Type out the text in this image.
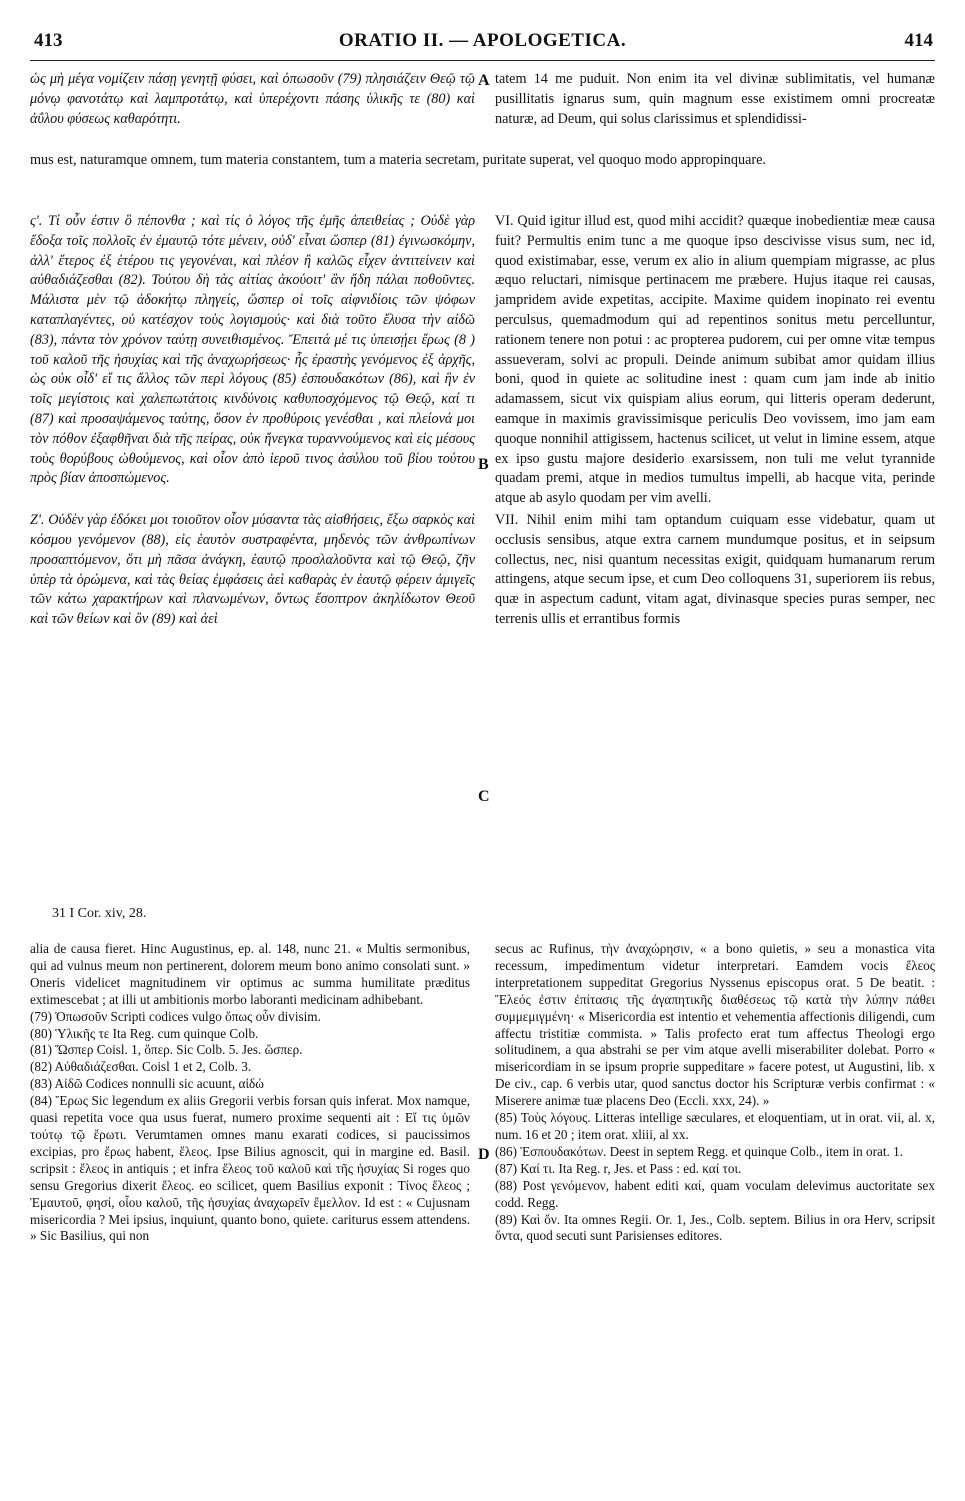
413	ORATIO II. — APOLOGETICA.	414

ὡς μὴ μέγα νομίζειν πάσῃ γενητῇ φύσει, καὶ ὁπωσοῦν (79) πλησιάζειν Θεῷ τῷ μόνῳ φανοτάτῳ καὶ λαμπροτάτῳ, καὶ ὑπερέχοντι πάσης ὑλικῆς τε (80) καὶ ἀΰλου φύσεως καθαρότητι.

tatem 14 me puduit. Non enim ita vel divinæ sublimitatis, vel humanæ pusillitatis ignarus sum, quin magnum esse existimem omni procreatæ naturæ, ad Deum, qui solus clarissimus et splendidissi-

mus est, naturamque omnem, tum materia constantem, tum a materia secretam, puritate superat, vel quoquo modo appropinquare.

ς'. Τί οὖν ἐστιν ὃ πέπονθα ; καὶ τίς ὁ λόγος τῆς ἐμῆς ἀπειθείας ; Οὐδὲ γὰρ ἔδοξα τοῖς πολλοῖς ἐν ἐμαυτῷ τότε μένειν, οὐδ' εἶναι ὥσπερ (81) ἐγινωσκόμην, ἀλλ' ἕτερος ἐξ ἑτέρου τις γεγονέναι, καὶ πλέον ἢ καλῶς εἶχεν ἀντιτείνειν καὶ αὐθαδιάζεσθαι (82). Τούτου δὴ τὰς αἰτίας ἀκούοιτ' ἂν ἤδη πάλαι ποθοῦντες. Μάλιστα μὲν τῷ ἀδοκήτῳ πληγείς, ὥσπερ οἱ τοῖς αἰφνιδίοις τῶν ψόφων καταπλαγέντες, οὐ κατέσχον τοὺς λογισμούς· καὶ διὰ τοῦτο ἔλυσα τὴν αἰδῶ (83), πάντα τὸν χρόνον ταύτῃ συνειθισμένος. Ἔπειτά μέ τις ὑπεισῄει ἔρως (8 ) τοῦ καλοῦ τῆς ἡσυχίας καὶ τῆς ἀναχωρήσεως· ἧς ἐραστὴς γενόμενος ἐξ ἀρχῆς, ὡς οὐκ οἶδ' εἴ τις ἄλλος τῶν περὶ λόγους (85) ἐσπουδακότων (86), καὶ ἣν ἐν τοῖς μεγίστοις καὶ χαλεπωτάτοις κινδύνοις καθυποσχόμενος τῷ Θεῷ, καί τι (87) καὶ προσαψάμενος ταύτης, ὅσον ἐν προθύροις γενέσθαι , καὶ πλείονά μοι τὸν πόθον ἐξαφθῆναι διὰ τῆς πείρας, οὐκ ἤνεγκα τυραννούμενος καὶ εἰς μέσους τοὺς θορύβους ὠθούμενος, καὶ οἷον ἀπὸ ἱεροῦ τινος ἀσύλου τοῦ βίου τούτου πρὸς βίαν ἀποσπώμενος.

Ζ'. Οὐδὲν γὰρ ἐδόκει μοι τοιοῦτον οἷον μύσαντα τὰς αἰσθήσεις, ἔξω σαρκὸς καὶ κόσμου γενόμενον (88), εἰς ἑαυτὸν συστραφέντα, μηδενὸς τῶν ἀνθρωπίνων προσαπτόμενον, ὅτι μὴ πᾶσα ἀνάγκη, ἑαυτῷ προσλαλοῦντα καὶ τῷ Θεῷ, ζῆν ὑπὲρ τὰ ὁρώμενα, καὶ τὰς θείας ἐμφάσεις ἀεὶ καθαρὰς ἐν ἑαυτῷ φέρειν ἀμιγεῖς τῶν κάτω χαρακτήρων καὶ πλανωμένων, ὄντως ἔσοπτρον ἀκηλίδωτον Θεοῦ καὶ τῶν θείων καὶ ὂν (89) καὶ ἀεὶ

VI. Quid igitur illud est, quod mihi accidit? quæque inobedientiæ meæ causa fuit? Permultis enim tunc a me quoque ipso descivisse visus sum, nec id, quod existimabar, esse, verum ex alio in alium quempiam migrasse, ac plus æquo reluctari, nimisque pertinacem me præbere. Hujus itaque rei causas, jampridem avide expetitas, accipite. Maxime quidem inopinato rei eventu perculsus, quemadmodum qui ad repentinos sonitus metu percelluntur, rationem tenere non potui : ac propterea pudorem, cui per omne vitæ tempus assueveram, solvi ac propuli. Deinde animum subibat amor quidam illius boni, quod in quiete ac solitudine inest : quam cum jam inde ab initio adamassem, sicut vix quispiam alius eorum, qui litteris operam dederunt, eamque in maximis gravissimisque periculis Deo vovissem, imo jam eam quoque nonnihil attigissem, hactenus scilicet, ut velut in limine essem, atque ex ipso gustu majore desiderio exarsissem, non tuli me velut tyrannide quadam premi, atque in medios tumultus impelli, ab hacque vita, perinde atque ab asylo quodam per vim avelli.

VII. Nihil enim mihi tam optandum cuiquam esse videbatur, quam ut occlusis sensibus, atque extra carnem mundumque positus, et in seipsum collectus, nec, nisi quantum necessitas exigit, quidquam humanarum rerum attingens, atque secum ipse, et cum Deo colloquens 31, superiorem iis rebus, quæ in aspectum cadunt, vitam agat, divinasque species puras semper, nec terrenis ullis et errantibus formis

A
B
C
D
31 I Cor. xiv, 28.

alia de causa fieret. Hinc Augustinus, ep. al. 148, nunc 21. « Multis sermonibus, qui ad vulnus meum non pertinerent, dolorem meum bono animo consolati sunt. » Oneris videlicet magnitudinem vir optimus ac summa humilitate præditus extimescebat ; at illi ut ambitionis morbo laboranti medicinam adhibebant.

(79) Ὁπωσοῦν Scripti codices vulgo ὅπως οὖν divisim.

(80) Ὑλικῆς τε Ita Reg. cum quinque Colb.

(81) Ὥσπερ Coisl. 1, ὅπερ. Sic Colb. 5. Jes. ὥσπερ.

(82) Αὐθαδιάζεσθαι. Coisl 1 et 2, Colb. 3.

(83) Αἰδῶ Codices nonnulli sic acuunt, αἰδώ

(84) Ἔρως Sic legendum ex aliis Gregorii verbis forsan quis inferat. Mox namque, quasi repetita voce qua usus fuerat, numero proxime sequenti ait : Εἴ τις ὑμῶν τούτῳ τῷ ἔρωτι. Verumtamen omnes manu exarati codices, si paucissimos excipias, pro ἔρως habent, ἔλεος. Ipse Bilius agnoscit, qui in margine ed. Basil. scripsit : ἔλεος in antiquis ; et infra ἔλεος τοῦ καλοῦ καὶ τῆς ἡσυχίας Si roges quo sensu Gregorius dixerit ἔλεος. eo scilicet, quem Basilius exponit : Τίνος ἔλεος ; Ἐμαυτοῦ, φησί, οἷου καλοῦ, τῆς ἡσυχίας ἀναχωρεῖν ἔμελλον. Id est : « Cujusnam misericordia ? Mei ipsius, inquiunt, quanto bono, quiete. cariturus essem attendens. » Sic Basilius, qui non

secus ac Rufinus, τὴν ἀναχώρησιν, « a bono quietis, » seu a monastica vita recessum, impedimentum videtur interpretari. Eamdem vocis ἔλεος interpretationem suppeditat Gregorius Nyssenus episcopus orat. 5 De beatit. : Ἔλεός ἐστιν ἐπίτασις τῆς ἀγαπητικῆς διαθέσεως τῷ κατὰ τὴν λύπην πάθει συμμεμιγμένη· « Misericordia est intentio et vehementia affectionis diligendi, cum affectu tristitiæ commista. » Talis profecto erat tum affectus Theologi ergo solitudinem, a qua abstrahi se per vim atque avelli miserabiliter dolebat. Porro « misericordiam in se ipsum proprie suppeditare » facere potest, ut Augustini, lib. x De civ., cap. 6 verbis utar, quod sanctus doctor his Scripturæ verbis confirmat : « Miserere animæ tuæ placens Deo (Eccli. xxx, 24). »

(85) Τοὺς λόγους. Litteras intellige sæculares, et eloquentiam, ut in orat. vii, al. x, num. 16 et 20 ; item orat. xliii, al xx.

(86) Ἐσπουδακότων. Deest in septem Regg. et quinque Colb., item in orat. 1.

(87) Καί τι. Ita Reg. r, Jes. et Pass : ed. καί τοι.

(88) Post γενόμενον, habent editi καί, quam voculam delevimus auctoritate sex codd. Regg.

(89) Καὶ ὄν. Ita omnes Regii. Or. 1, Jes., Colb. septem. Bilius in ora Herv, scripsit ὄντα, quod secuti sunt Parisienses editores.
